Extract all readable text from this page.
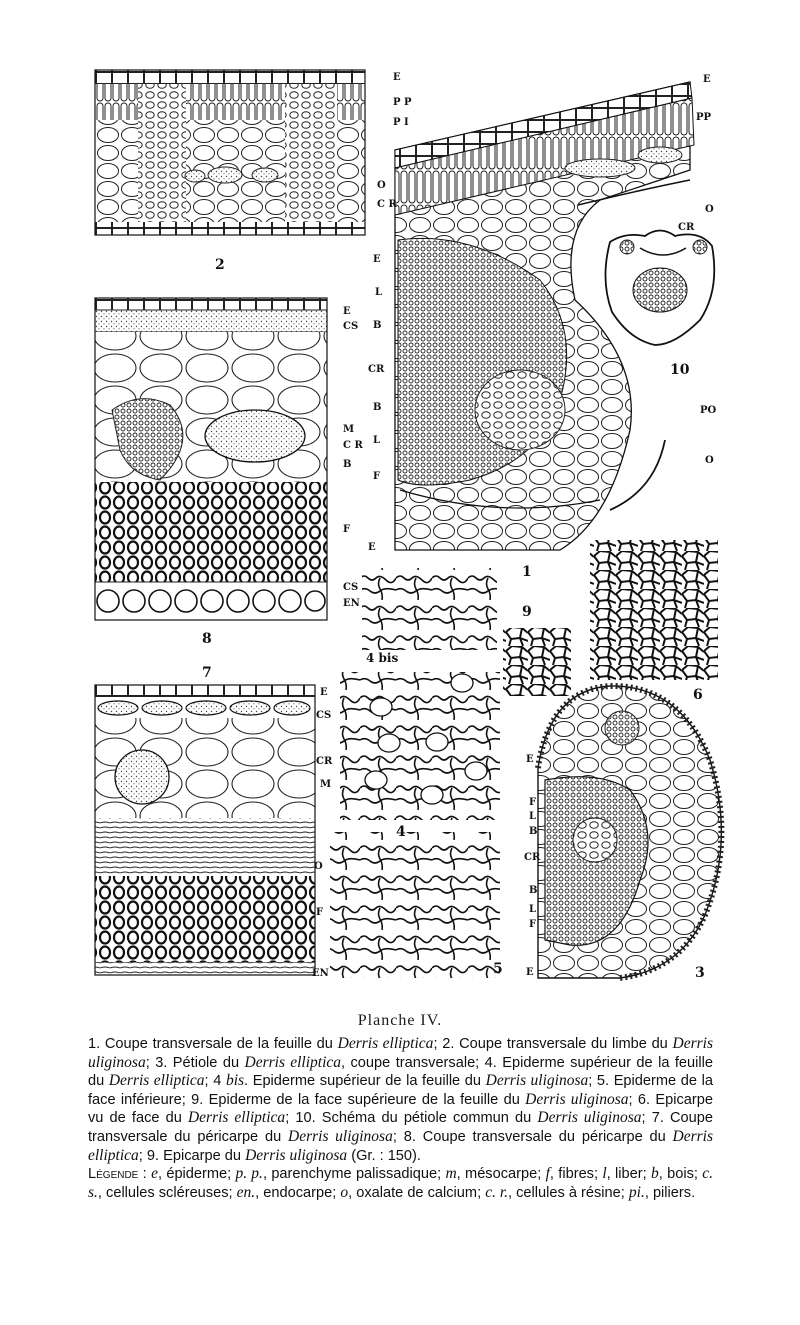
E
P P
P I
O
C R
2
E
CS
M
C R
B
F
CS
EN
8
E
PP
O
CR
PO
O
10
E
L
B
CR
B
L
F
E
1
E
CS
CR
M
O
F
EN
7
4 bis
9
6
4
5
E
F
L
B
CR
B
L
F
E	3
Planche IV.

1. Coupe transversale de la feuille du Derris elliptica; 2. Coupe transversale du limbe du Derris uliginosa; 3. Pétiole du Derris elliptica, coupe transversale; 4. Epiderme supérieur de la feuille du Derris elliptica; 4 bis. Epiderme supérieur de la feuille du Derris uliginosa; 5. Epiderme de la face inférieure; 9. Epiderme de la face supérieure de la feuille du Derris uliginosa; 6. Epicarpe vu de face du Derris elliptica; 10. Schéma du pétiole commun du Derris uliginosa; 7. Coupe transversale du péricarpe du Derris uliginosa; 8. Coupe transversale du péricarpe du Derris elliptica; 9. Epicarpe du Derris uliginosa (Gr. : 150).

Légende : e, épiderme; p. p., parenchyme palissadique; m, mésocarpe; f, fibres; l, liber; b, bois; c. s., cellules scléreuses; en., endocarpe; o, oxalate de calcium; c. r., cellules à résine; pi., piliers.
